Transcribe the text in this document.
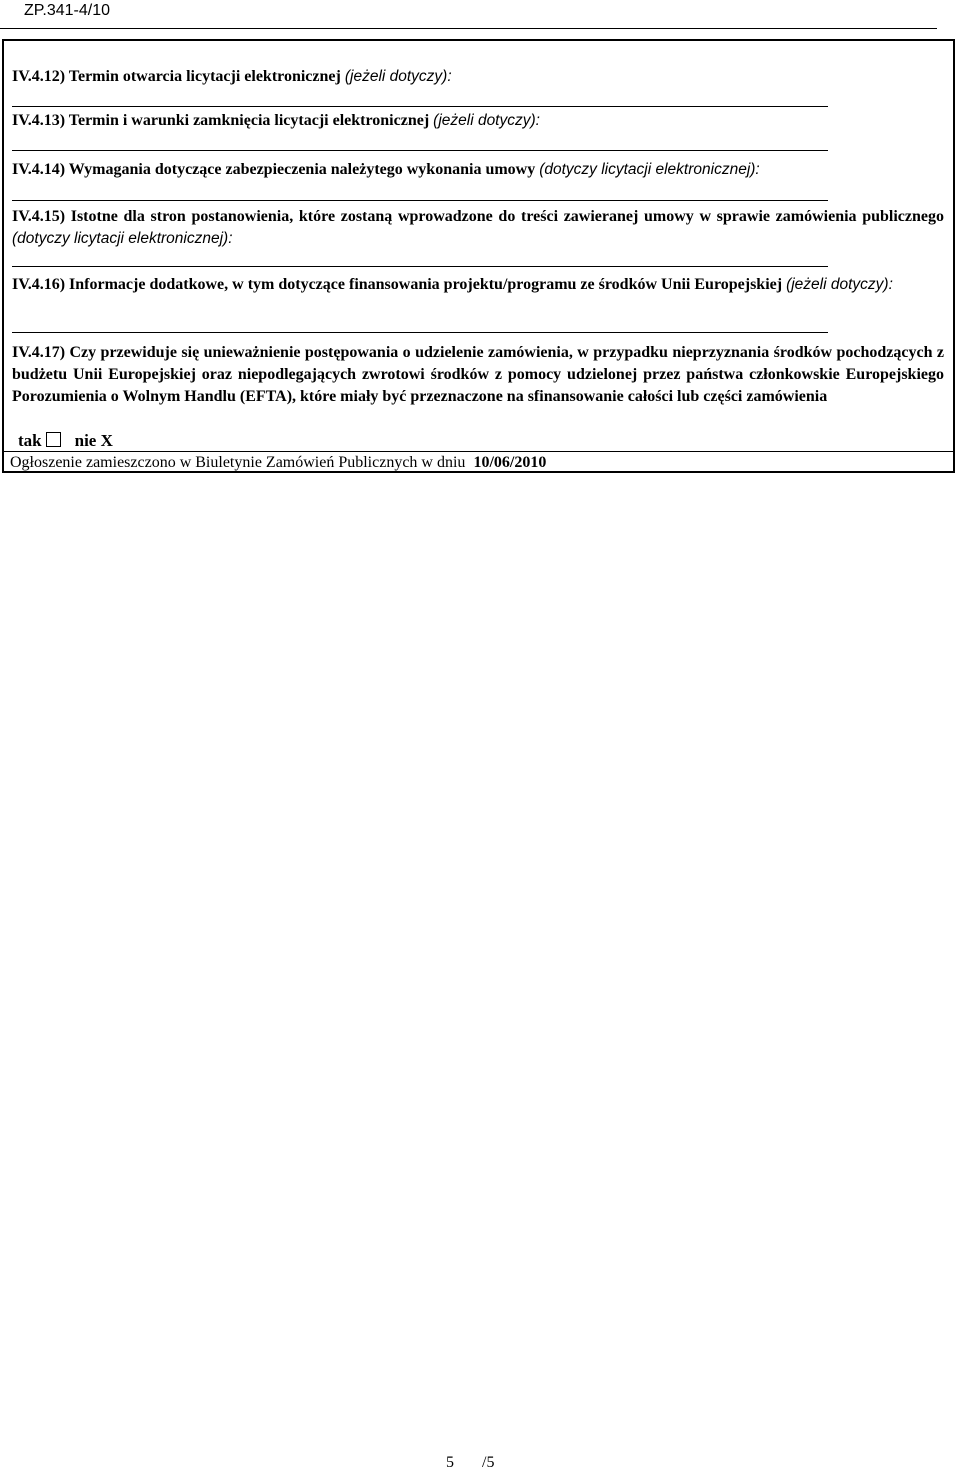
ZP.341-4/10
IV.4.12) Termin otwarcia licytacji elektronicznej (jeżeli dotyczy):
IV.4.13) Termin i warunki zamknięcia licytacji elektronicznej (jeżeli dotyczy):
IV.4.14) Wymagania dotyczące zabezpieczenia należytego wykonania umowy (dotyczy licytacji elektronicznej):
IV.4.15) Istotne dla stron postanowienia, które zostaną wprowadzone do treści zawieranej umowy w sprawie zamówienia publicznego (dotyczy licytacji elektronicznej):
IV.4.16) Informacje dodatkowe, w tym dotyczące finansowania projektu/programu ze środków Unii Europejskiej (jeżeli dotyczy):
IV.4.17) Czy przewiduje się unieważnienie postępowania o udzielenie zamówienia, w przypadku nieprzyznania środków pochodzących z budżetu Unii Europejskiej oraz niepodlegających zwrotowi środków z pomocy udzielonej przez państwa członkowskie Europejskiego Porozumienia o Wolnym Handlu (EFTA), które miały być przeznaczone na sfinansowanie całości lub części zamówienia
tak nie X
Ogłoszenie zamieszczono w Biuletynie Zamówień Publicznych w dniu 10/06/2010
5 /5
